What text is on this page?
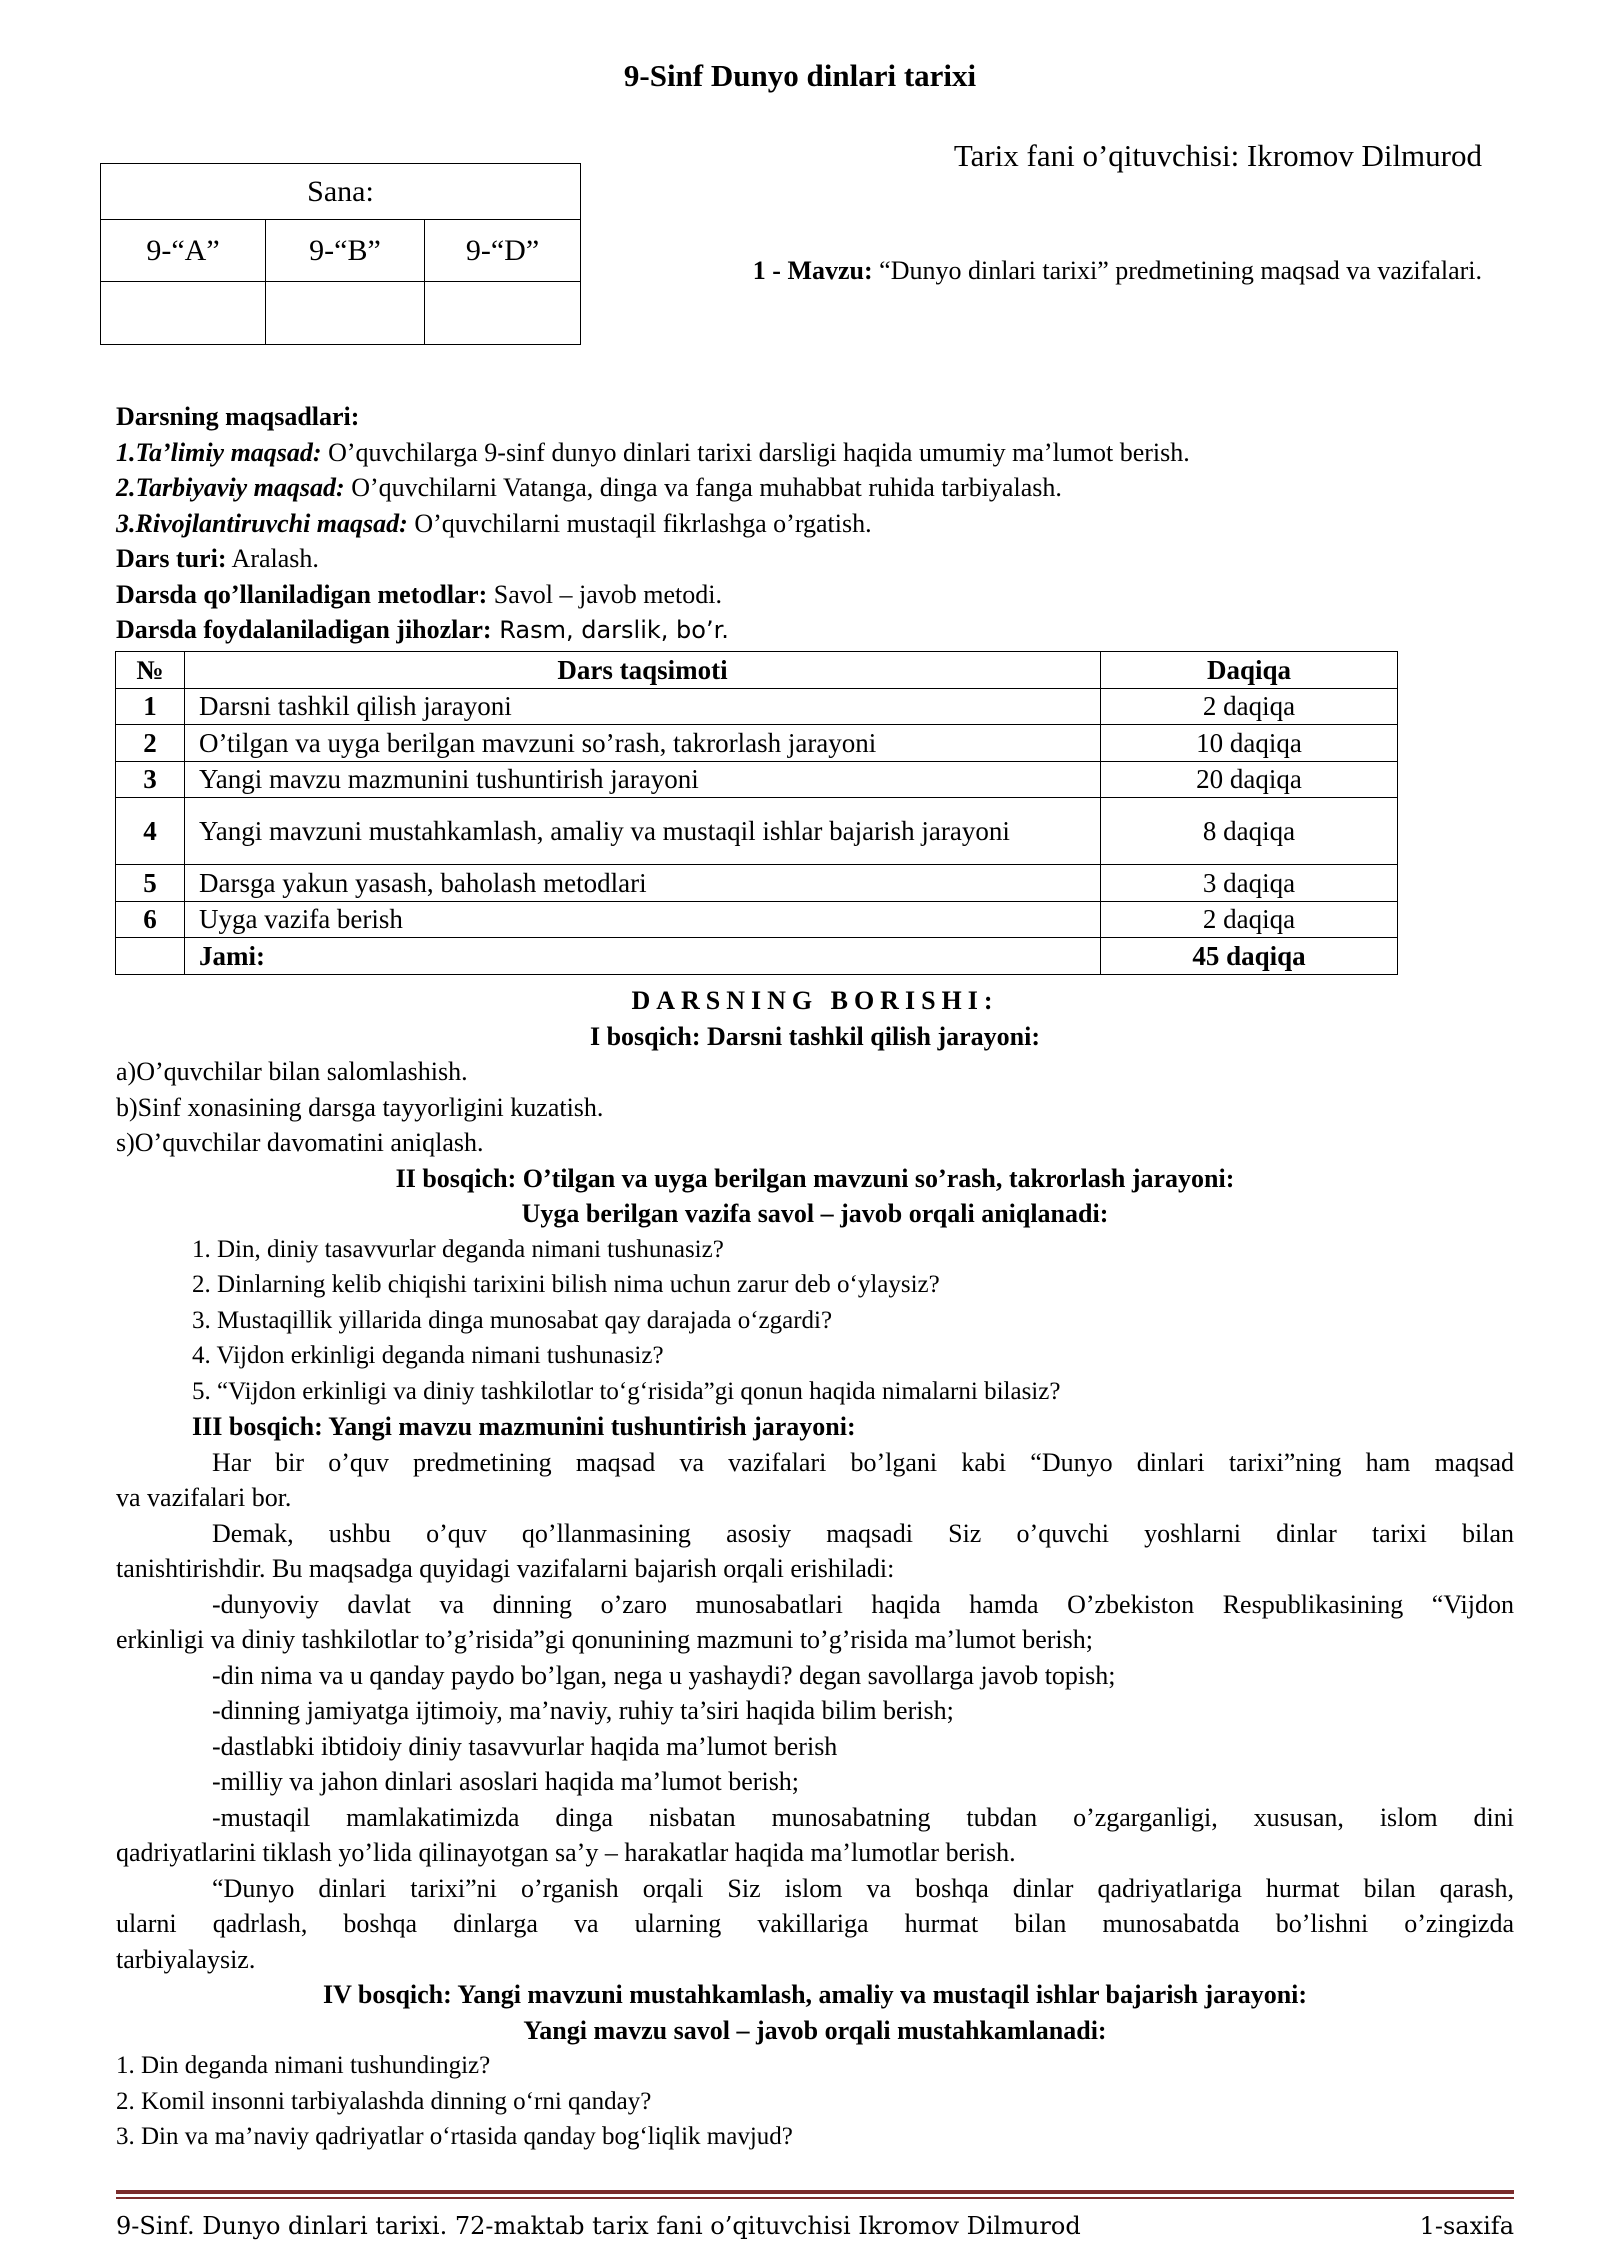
9-Sinf Dunyo dinlari tarixi
Tarix fani o’qituvchisi: Ikromov Dilmurod
Sana:		
9-“A”	9-“B”	9-“D”

1 - Mavzu: “Dunyo dinlari tarixi” predmetining maqsad va vazifalari.
Darsning maqsadlari:
1.Ta’limiy maqsad: O’quvchilarga 9-sinf dunyo dinlari tarixi darsligi haqida umumiy ma’lumot berish.
2.Tarbiyaviy maqsad: O’quvchilarni Vatanga, dinga va fanga muhabbat ruhida tarbiyalash.
3.Rivojlantiruvchi maqsad: O’quvchilarni mustaqil fikrlashga o’rgatish.
Dars turi: Aralash.
Darsda qo’llaniladigan metodlar: Savol – javob metodi.
Darsda foydalaniladigan jihozlar: Rasm, darslik, bo’r.
№	Dars taqsimoti	Daqiqa
1	Darsni tashkil qilish jarayoni	2 daqiqa
2	O’tilgan va uyga berilgan mavzuni so’rash, takrorlash jarayoni	10 daqiqa
3	Yangi mavzu mazmunini tushuntirish jarayoni	20 daqiqa
4	Yangi mavzuni mustahkamlash, amaliy va mustaqil ishlar bajarish jarayoni	8 daqiqa
5	Darsga yakun yasash, baholash metodlari	3 daqiqa
6	Uyga vazifa berish	2 daqiqa
	Jami:	45 daqiqa
DARSNING BORISHI:
I bosqich: Darsni tashkil qilish jarayoni:
a)O’quvchilar bilan salomlashish.
b)Sinf xonasining darsga tayyorligini kuzatish.
s)O’quvchilar davomatini aniqlash.
II bosqich: O’tilgan va uyga berilgan mavzuni so’rash, takrorlash jarayoni:
Uyga berilgan vazifa savol – javob orqali aniqlanadi:
1. Din, diniy tasavvurlar deganda nimani tushunasiz?
2. Dinlarning kelib chiqishi tarixini bilish nima uchun zarur deb o‘ylaysiz?
3. Mustaqillik yillarida dinga munosabat qay darajada o‘zgardi?
4. Vijdon erkinligi deganda nimani tushunasiz?
5. “Vijdon erkinligi va diniy tashkilotlar to‘g‘risida”gi qonun haqida nimalarni bilasiz?
III bosqich: Yangi mavzu mazmunini tushuntirish jarayoni:
Har bir o’quv predmetining maqsad va vazifalari bo’lgani kabi “Dunyo dinlari tarixi”ning ham maqsad
va vazifalari bor.
Demak, ushbu o’quv qo’llanmasining asosiy maqsadi Siz o’quvchi yoshlarni dinlar tarixi bilan
tanishtirishdir. Bu maqsadga quyidagi vazifalarni bajarish orqali erishiladi:
-dunyoviy davlat va dinning o’zaro munosabatlari haqida hamda O’zbekiston Respublikasining “Vijdon
erkinligi va diniy tashkilotlar to’g’risida”gi qonunining mazmuni to’g’risida ma’lumot berish;
-din nima va u qanday paydo bo’lgan, nega u yashaydi? degan savollarga javob topish;
-dinning jamiyatga ijtimoiy, ma’naviy, ruhiy ta’siri haqida bilim berish;
-dastlabki ibtidoiy diniy tasavvurlar haqida ma’lumot berish
-milliy va jahon dinlari asoslari haqida ma’lumot berish;
-mustaqil mamlakatimizda dinga nisbatan munosabatning tubdan o’zgarganligi, xususan, islom dini
qadriyatlarini tiklash yo’lida qilinayotgan sa’y – harakatlar haqida ma’lumotlar berish.
“Dunyo dinlari tarixi”ni o’rganish orqali Siz islom va boshqa dinlar qadriyatlariga hurmat bilan qarash,
ularni qadrlash, boshqa dinlarga va ularning vakillariga hurmat bilan munosabatda bo’lishni o’zingizda
tarbiyalaysiz.
IV bosqich: Yangi mavzuni mustahkamlash, amaliy va mustaqil ishlar bajarish jarayoni:
Yangi mavzu savol – javob orqali mustahkamlanadi:
1. Din deganda nimani tushundingiz?
2. Komil insonni tarbiyalashda dinning o‘rni qanday?
3. Din va ma’naviy qadriyatlar o‘rtasida qanday bog‘liqlik mavjud?
9-Sinf. Dunyo dinlari tarixi. 72-maktab tarix fani o’qituvchisi Ikromov Dilmurod	1-saxifa
